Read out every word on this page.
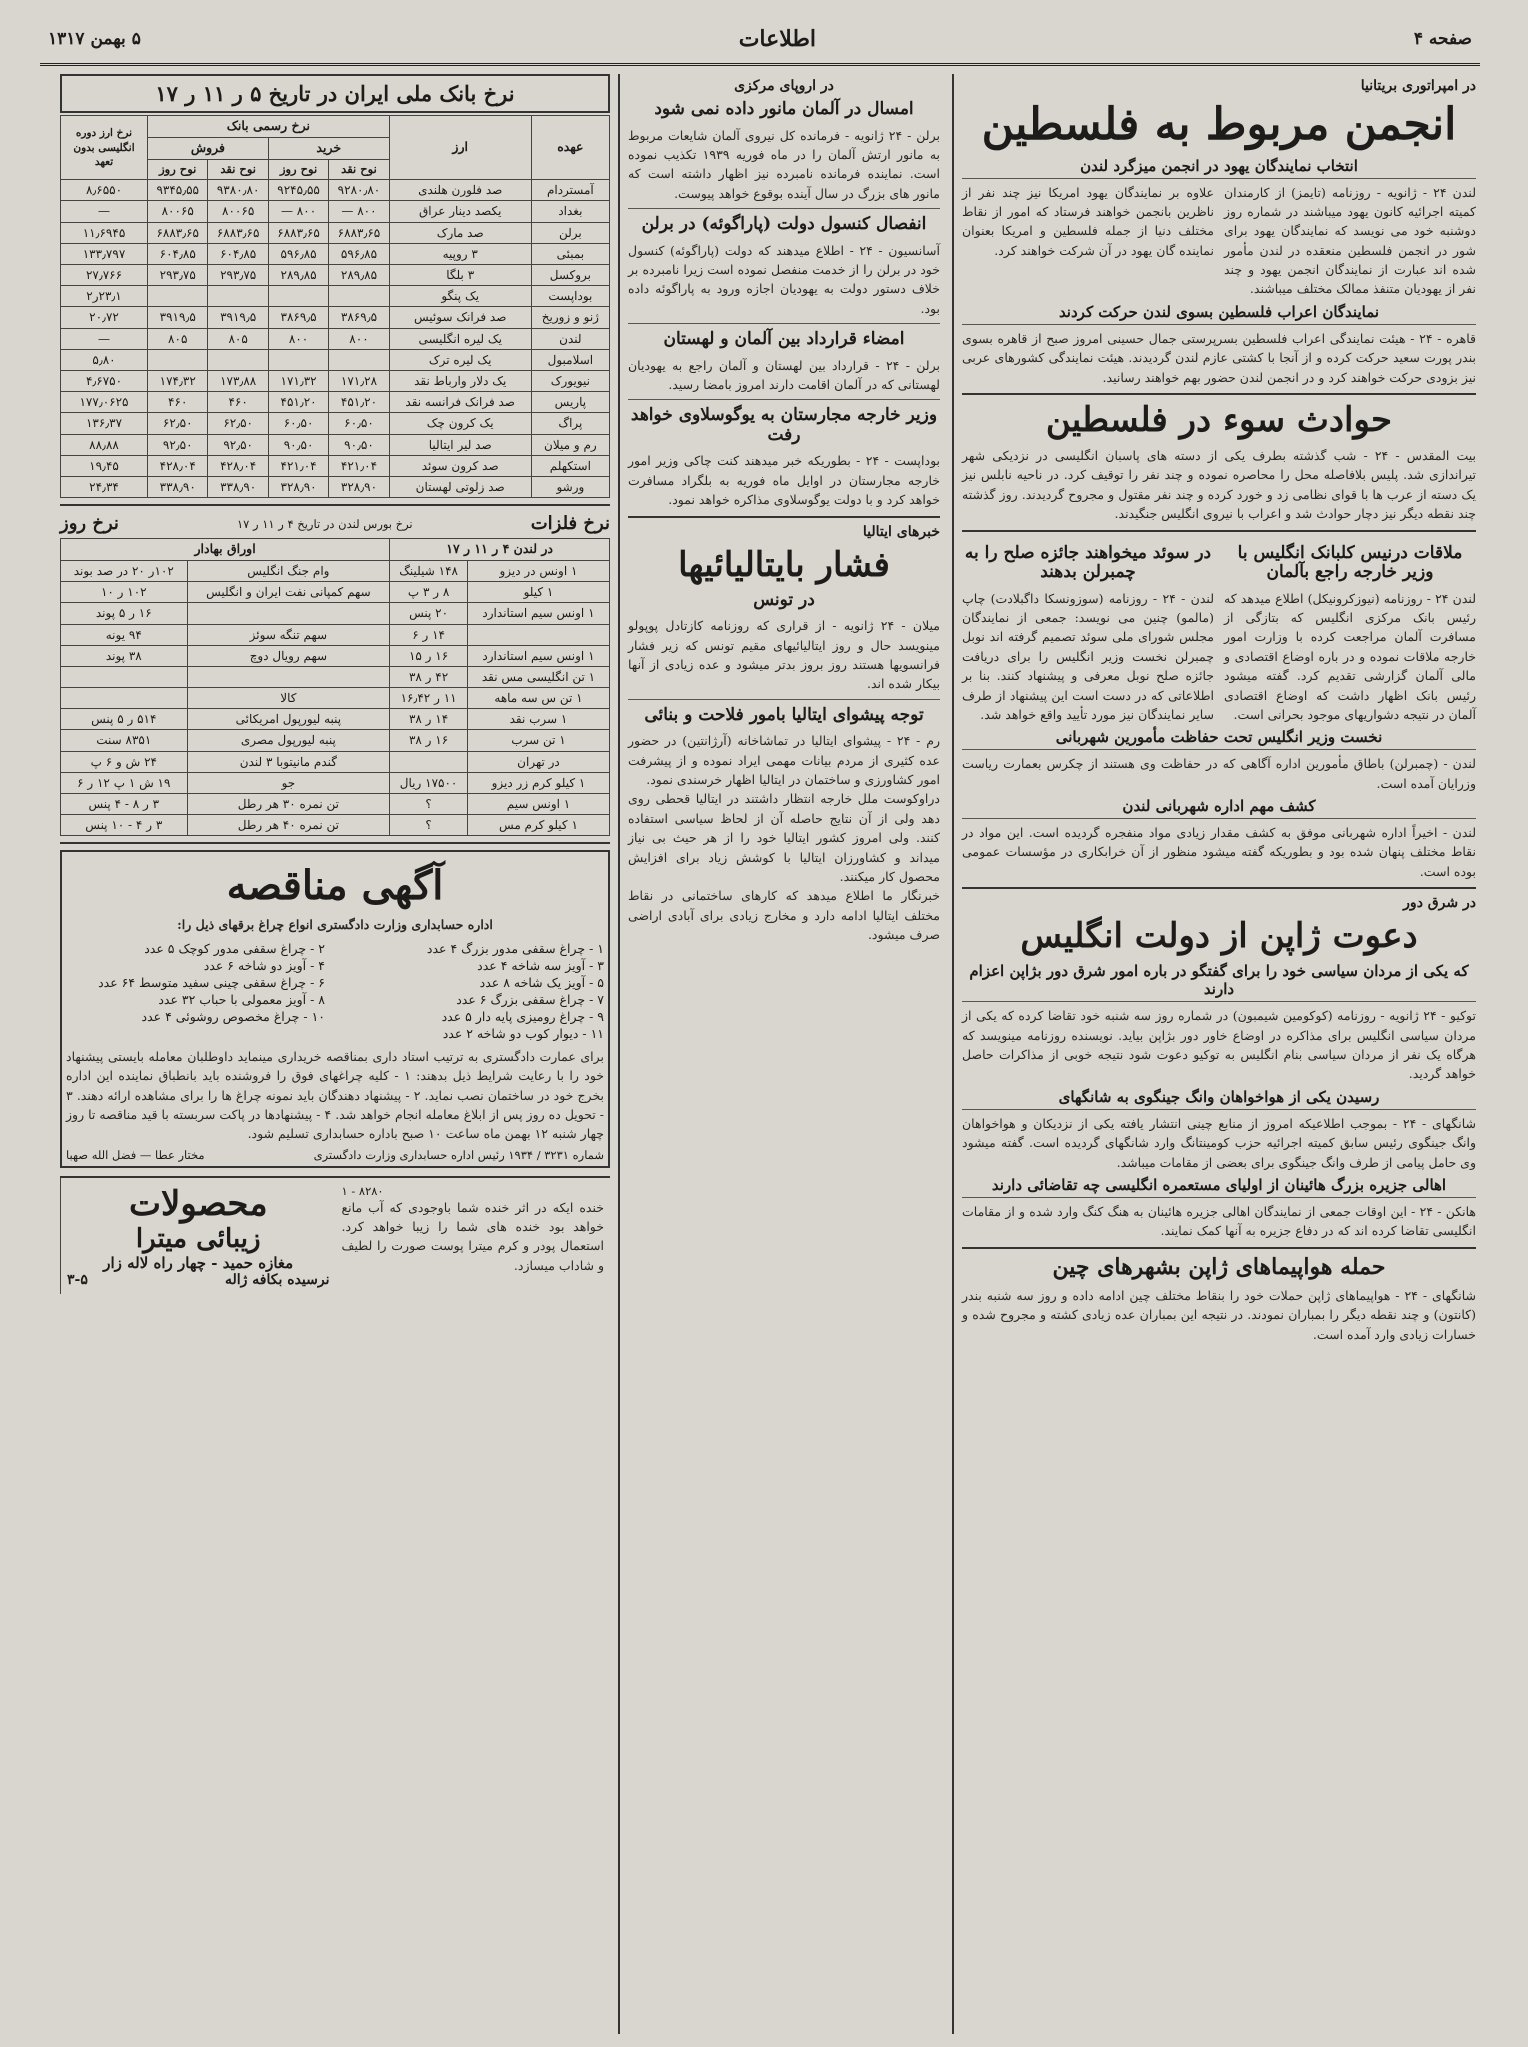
صفحه ۴
اطلاعات
۵ بهمن ۱۳۱۷
در امپراتوری بریتانیا
انجمن مربوط به فلسطین
انتخاب نمایندگان یهود در انجمن میزگرد لندن
لندن ۲۴ - ژانویه - روزنامه (تایمز) از کارمندان کمیته اجرائیه کانون یهود میباشند در شماره روز دوشنبه خود می نویسد که نمایندگان یهود برای شور در انجمن فلسطین منعقده در لندن مأمور شده اند عبارت از نمایندگان انجمن یهود و چند نفر از یهودیان متنفذ ممالک مختلف میباشند.
علاوه بر نمایندگان یهود امریکا نیز چند نفر از ناظرین بانجمن خواهند فرستاد که امور از نقاط مختلف دنیا از جمله فلسطین و امریکا بعنوان نماینده گان یهود در آن شرکت خواهند کرد.
نمایندگان اعراب فلسطین بسوی لندن حرکت کردند
قاهره - ۲۴ - هیئت نمایندگی اعراب فلسطین بسرپرستی جمال حسینی امروز صبح از قاهره بسوی بندر پورت سعید حرکت کرده و از آنجا با کشتی عازم لندن گردیدند. هیئت نمایندگی کشورهای عربی نیز بزودی حرکت خواهند کرد و در انجمن لندن حضور بهم خواهند رسانید.
حوادث سوء در فلسطین
بیت المقدس - ۲۴ - شب گذشته بطرف یکی از دسته های پاسبان انگلیسی در نزدیکی شهر تیراندازی شد. پلیس بلافاصله محل را محاصره نموده و چند نفر را توقیف کرد. در ناحیه نابلس نیز یک دسته از عرب ها با قوای نظامی زد و خورد کرده و چند نفر مقتول و مجروح گردیدند. روز گذشته چند نقطه دیگر نیز دچار حوادث شد و اعراب با نیروی انگلیس جنگیدند.
ملاقات درنیس کلبانک انگلیس با وزیر خارجه راجع بآلمان
لندن ۲۴ - روزنامه (نیوزکرونیکل) اطلاع میدهد که رئیس بانک مرکزی انگلیس که بتازگی از مسافرت آلمان مراجعت کرده با وزارت امور خارجه ملاقات نموده و در باره اوضاع اقتصادی و مالی آلمان گزارشی تقدیم کرد. گفته میشود رئیس بانک اظهار داشت که اوضاع اقتصادی آلمان در نتیجه دشواریهای موجود بحرانی است.
در سوئد میخواهند جائزه صلح را به چمبرلن بدهند
لندن - ۲۴ - روزنامه (سوزونسکا داگبلادت) چاپ (مالمو) چنین می نویسد: جمعی از نمایندگان مجلس شورای ملی سوئد تصمیم گرفته اند نوبل چمبرلن نخست وزیر انگلیس را برای دریافت جائزه صلح نوبل معرفی و پیشنهاد کنند. بنا بر اطلاعاتی که در دست است این پیشنهاد از طرف سایر نمایندگان نیز مورد تأیید واقع خواهد شد.
نخست وزیر انگلیس تحت حفاظت مأمورین شهربانی
لندن - (چمبرلن) باطاق مأمورین اداره آگاهی که در حفاظت وی هستند از چکرس بعمارت ریاست وزرایان آمده است.
کشف مهم اداره شهربانی لندن
لندن - اخیراً اداره شهربانی موفق به کشف مقدار زیادی مواد منفجره گردیده است. این مواد در نقاط مختلف پنهان شده بود و بطوریکه گفته میشود منظور از آن خرابکاری در مؤسسات عمومی بوده است.
در شرق دور
دعوت ژاپن از دولت انگلیس
که یکی از مردان سیاسی خود را برای گفتگو در باره امور شرق دور بژاپن اعزام دارند
توکیو - ۲۴ ژانویه - روزنامه (کوکومین شیمبون) در شماره روز سه شنبه خود تقاضا کرده که یکی از مردان سیاسی انگلیس برای مذاکره در اوضاع خاور دور بژاپن بیاید. نویسنده روزنامه مینویسد که هرگاه یک نفر از مردان سیاسی بنام انگلیس به توکیو دعوت شود نتیجه خوبی از مذاکرات حاصل خواهد گردید.
رسیدن یکی از هواخواهان وانگ جینگوی به شانگهای
شانگهای - ۲۴ - بموجب اطلاعیکه امروز از منابع چینی انتشار یافته یکی از نزدیکان و هواخواهان وانگ جینگوی رئیس سابق کمیته اجرائیه حزب کومینتانگ وارد شانگهای گردیده است. گفته میشود وی حامل پیامی از طرف وانگ جینگوی برای بعضی از مقامات میباشد.
اهالی جزیره بزرگ هائینان از اولیای مستعمره انگلیسی چه تقاضائی دارند
هانکن - ۲۴ - این اوقات جمعی از نمایندگان اهالی جزیره هائینان به هنگ کنگ وارد شده و از مقامات انگلیسی تقاضا کرده اند که در دفاع جزیره به آنها کمک نمایند.
حمله هواپیماهای ژاپن بشهرهای چین
شانگهای - ۲۴ - هواپیماهای ژاپن حملات خود را بنقاط مختلف چین ادامه داده و روز سه شنبه بندر (کانتون) و چند نقطه دیگر را بمباران نمودند. در نتیجه این بمباران عده زیادی کشته و مجروح شده و خسارات زیادی وارد آمده است.
در اروپای مرکزی
امسال در آلمان مانور داده نمی شود
برلن - ۲۴ ژانویه - فرمانده کل نیروی آلمان شایعات مربوط به مانور ارتش آلمان را در ماه فوریه ۱۹۳۹ تکذیب نموده است. نماینده فرمانده نامبرده نیز اظهار داشته است که مانور های بزرگ در سال آینده بوقوع خواهد پیوست.
انفصال کنسول دولت (پاراگوئه) در برلن
آسانسیون - ۲۴ - اطلاع میدهند که دولت (پاراگوئه) کنسول خود در برلن را از خدمت منفصل نموده است زیرا نامبرده بر خلاف دستور دولت به یهودیان اجازه ورود به پاراگوئه داده بود.
امضاء قرارداد بین آلمان و لهستان
برلن - ۲۴ - قرارداد بین لهستان و آلمان راجع به یهودیان لهستانی که در آلمان اقامت دارند امروز بامضا رسید.
وزیر خارجه مجارستان به یوگوسلاوی خواهد رفت
بوداپست - ۲۴ - بطوریکه خبر میدهند کنت چاکی وزیر امور خارجه مجارستان در اوایل ماه فوریه به بلگراد مسافرت خواهد کرد و با دولت یوگوسلاوی مذاکره خواهد نمود.
خبرهای ایتالیا
فشار بایتالیائیها
در تونس
میلان - ۲۴ ژانویه - از قراری که روزنامه کازتادل پوپولو مینویسد حال و روز ایتالیائیهای مقیم تونس که زیر فشار فرانسویها هستند روز بروز بدتر میشود و عده زیادی از آنها بیکار شده اند.
توجه پیشوای ایتالیا بامور فلاحت و بنائی
رم - ۲۴ - پیشوای ایتالیا در تماشاخانه (آرژانتین) در حضور عده کثیری از مردم بیانات مهمی ایراد نموده و از پیشرفت امور کشاورزی و ساختمان در ایتالیا اظهار خرسندی نمود.
دراوکوست ملل خارجه انتظار داشتند در ایتالیا قحطی روی دهد ولی از آن نتایج حاصله آن از لحاظ سیاسی استفاده کنند. ولی امروز کشور ایتالیا خود را از هر حیث بی نیاز میداند و کشاورزان ایتالیا با کوشش زیاد برای افزایش محصول کار میکنند.
خبرنگار ما اطلاع میدهد که کارهای ساختمانی در نقاط مختلف ایتالیا ادامه دارد و مخارج زیادی برای آبادی اراضی صرف میشود.
نرخ بانک ملی ایران در تاریخ ۵ ر ۱۱ ر ۱۷
عهده	ارز	نرخ رسمی بانک				نرخ ارز دوره انگلیسی بدون تعهد
		خرید		فروش		
		نوح نقد	نوح روز	نوح نقد	نوح روز	
آمستردام	صد فلورن هلندی	۹۲۸۰٫۸۰	۹۲۴۵٫۵۵	۹۳۸۰٫۸۰	۹۳۴۵٫۵۵	۸٫۶۵۵۰
بغداد	یکصد دینار عراق	۸۰۰ —	۸۰۰ —	۸۰۰۶۵	۸۰۰۶۵	—
برلن	صد مارک	۶۸۸۳٫۶۵	۶۸۸۳٫۶۵	۶۸۸۳٫۶۵	۶۸۸۳٫۶۵	۱۱٫۶۹۴۵
بمبئی	۳ روپیه	۵۹۶٫۸۵	۵۹۶٫۸۵	۶۰۴٫۸۵	۶۰۴٫۸۵	۱۳۳٫۷۹۷
بروکسل	۳ بلگا	۲۸۹٫۸۵	۲۸۹٫۸۵	۲۹۳٫۷۵	۲۹۳٫۷۵	۲۷٫۷۶۶
بوداپست	یک پنگو					۲۳٫۱ر۲
ژنو و زوریخ	صد فرانک سوئیس	۳۸۶۹٫۵	۳۸۶۹٫۵	۳۹۱۹٫۵	۳۹۱۹٫۵	۲۰٫۷۲
لندن	یک لیره انگلیسی	۸۰۰	۸۰۰	۸۰۵	۸۰۵	—
اسلامبول	یک لیره ترک					۵٫۸۰
نیویورک	یک دلار وارباط نقد	۱۷۱٫۲۸	۱۷۱٫۳۲	۱۷۳٫۸۸	۱۷۴٫۳۲	۴٫۶۷۵۰
پاریس	صد فرانک فرانسه نقد	۴۵۱٫۲۰	۴۵۱٫۲۰	۴۶۰	۴۶۰	۱۷۷٫۰۶۲۵
پراگ	یک کرون چک	۶۰٫۵۰	۶۰٫۵۰	۶۲٫۵۰	۶۲٫۵۰	۱۳۶٫۳۷
رم و میلان	صد لیر ایتالیا	۹۰٫۵۰	۹۰٫۵۰	۹۲٫۵۰	۹۲٫۵۰	۸۸٫۸۸
استکهلم	صد کرون سوئد	۴۲۱٫۰۴	۴۲۱٫۰۴	۴۲۸٫۰۴	۴۲۸٫۰۴	۱۹٫۴۵
ورشو	صد زلوتی لهستان	۳۲۸٫۹۰	۳۲۸٫۹۰	۳۳۸٫۹۰	۳۳۸٫۹۰	۲۴٫۳۴
نرخ فلزات
نرخ بورس لندن در تاریخ ۴ ر ۱۱ ر ۱۷
نرخ روز
در لندن ۴ ر ۱۱ ر ۱۷		اوراق بهادار	
۱ اونس در دیزو	۱۴۸ شیلینگ	وام جنگ انگلیس	۱۰۲ر ۲۰ در صد بوند
۱ کیلو	۸ ر ۳ پ	سهم کمپانی نفت ایران و انگلیس	۱۰۲ ر ۱۰
۱ اونس سیم استاندارد	۲۰ پنس		۱۶ ر ۵ پوند
	۱۴ ر ۶	سهم تنگه سوئز	۹۴ یونه
۱ اونس سیم استاندارد	۱۶ ر ۱۵	سهم رویال دوچ	۳۸ پوند
۱ تن انگلیسی مس نقد	۴۲ ر ۳۸		
۱ تن س سه ماهه	۱۱ ر ۱۶٫۴۲	کالا	
۱ سرب نقد	۱۴ ر ۳۸	پنبه لیورپول امریکائی	۵۱۴ ر ۵ پنس
۱ تن سرب	۱۶ ر ۳۸	پنبه لیورپول مصری	۸۳۵۱ سنت
در تهران		گندم مانیتوبا ۳ لندن	۲۴ ش و ۶ پ
۱ کیلو کرم زر دیزو	۱۷۵۰۰ ریال	جو	۱۹ ش ۱ پ ۱۲ ر ۶
۱ اونس سیم	؟	تن نمره ۳۰ هر رطل	۳ ر ۸ - ۴ پنس
۱ کیلو کرم مس	؟	تن نمره ۴۰ هر رطل	۳ ر ۴ - ۱۰ پنس
آگهی مناقصه
اداره حسابداری وزارت دادگستری انواع چراغ برقهای ذیل را:
۱ - چراغ سقفی مدور بزرگ ۴ عدد
۲ - چراغ سقفی مدور کوچک ۵ عدد
۳ - آویز سه شاخه ۴ عدد
۴ - آویز دو شاخه ۶ عدد
۵ - آویز یک شاخه ۸ عدد
۶ - چراغ سقفی چینی سفید متوسط ۶۴ عدد
۷ - چراغ سقفی بزرگ ۶ عدد
۸ - آویز معمولی با حباب ۳۲ عدد
۹ - چراغ رومیزی پایه دار ۵ عدد
۱۰ - چراغ مخصوص روشوئی ۴ عدد
۱۱ - دیوار کوب دو شاخه ۲ عدد
برای عمارت دادگستری به ترتیب استاد داری بمناقصه خریداری مینماید داوطلبان معامله بایستی پیشنهاد خود را با رعایت شرایط ذیل بدهند: ۱ - کلیه چراغهای فوق را فروشنده باید بانطباق نماینده این اداره بخرج خود در ساختمان نصب نماید. ۲ - پیشنهاد دهندگان باید نمونه چراغ ها را برای مشاهده ارائه دهند. ۳ - تحویل ده روز پس از ابلاغ معامله انجام خواهد شد. ۴ - پیشنهادها در پاکت سربسته با قید مناقصه تا روز چهار شنبه ۱۲ بهمن ماه ساعت ۱۰ صبح باداره حسابداری تسلیم شود.
شماره ۳۲۳۱ / ۱۹۳۴ رئیس اداره حسابداری وزارت دادگستری
مختار عطا — فضل الله صهبا
۸۲۸۰ - ۱
خنده ایکه در اثر خنده شما باوجودی که آب مانع خواهد بود خنده های شما را زیبا خواهد کرد. استعمال پودر و کرم میترا پوست صورت را لطیف و شاداب میسازد.
محصولات
زیبائی میترا
مغازه حمید - چهار راه لاله زار
نرسیده بکافه ژاله
۳-۵
